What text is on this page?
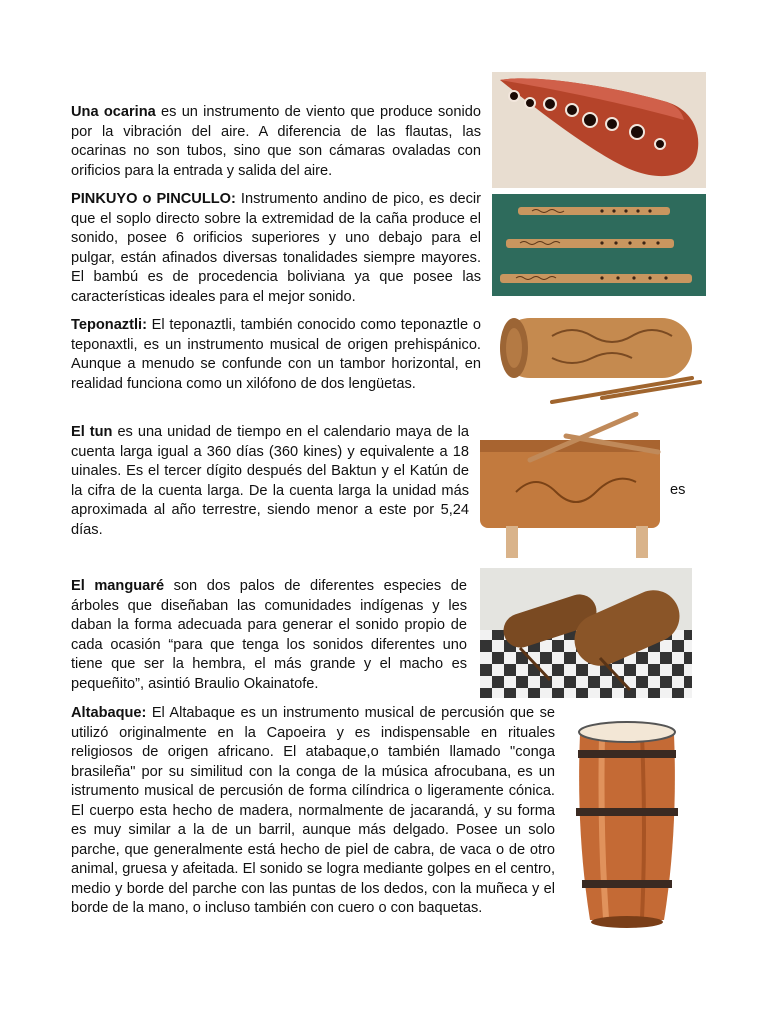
Una ocarina es un instrumento de viento que produce sonido por la vibración del aire. A diferencia de las flautas, las ocarinas no son tubos, sino que son cámaras ovaladas con orificios para la entrada y salida del aire.

PINKUYO o PINCULLO: Instrumento andino de pico, es decir que el soplo directo sobre la extremidad de la caña produce el sonido, posee 6 orificios superiores y uno debajo para el pulgar, están afinados diversas tonalidades siempre mayores. El bambú es de procedencia boliviana ya que posee las características ideales para el mejor sonido.

Teponaztli: El teponaztli, también conocido como teponaztle o teponaxtli, es un instrumento musical de origen prehispánico. Aunque a menudo se confunde con un tambor horizontal, en realidad funciona como un xilófono de dos lengüetas.

El tun es una unidad de tiempo en el calendario maya de la cuenta larga igual a 360 días (360 kines) y equivalente a 18 uinales. Es el tercer dígito después del Baktun y el Katún de la cifra de la cuenta larga. De la cuenta larga la unidad más aproximada al año terrestre, siendo menor a este por 5,24 días.

es

El manguaré son dos palos de diferentes especies de árboles que diseñaban las comunidades indígenas y les daban la forma adecuada para generar el sonido propio de cada ocasión “para que tenga los sonidos diferentes uno tiene que ser la hembra, el más grande y el macho es pequeñito”, asintió Braulio Okainatofe.

Altabaque: El Altabaque es un instrumento musical de percusión que se utilizó originalmente en la Capoeira y es indispensable en rituales religiosos de origen africano. El atabaque,o también llamado "conga brasileña" por su similitud con la conga de la música afrocubana, es un istrumento musical de percusión de forma cilíndrica o ligeramente cónica. El cuerpo esta hecho de madera, normalmente de jacarandá, y su forma es muy similar a la de un barril, aunque más delgado. Posee un solo parche, que generalmente está hecho de piel de cabra, de vaca o de otro animal, gruesa y afeitada. El sonido se logra mediante golpes en el centro, medio y borde del parche con las puntas de los dedos, con la muñeca y el borde de la mano, o incluso también con cuero o con baquetas.
